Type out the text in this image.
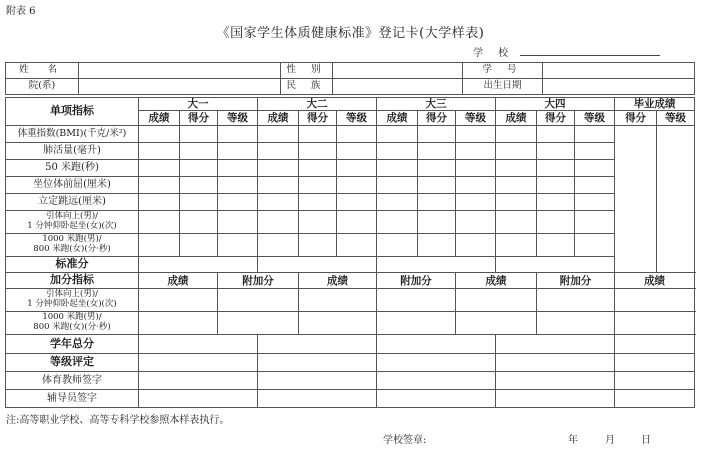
附表 6
《国家学生体质健康标准》登记卡(大学样表)
学 校
姓 名		性 别		学 号	
院(系)		民 族		出生日期	
单项指标	大一			大二			大三			大四			毕业成绩		
	成绩	得分	等级	成绩	得分	等级	成绩	得分	等级	成绩	得分	等级	得分	等级	
体重指数(BMI)(千克/米²)															
肺活量(毫升)															
50 米跑(秒)															
坐位体前屈(厘米)															
立定跳远(厘米)															

引体向上(男)/
1 分钟仰卧起坐(女)(次)															

1000 米跑(男)/
800 米跑(女)(分·秒)															

标准分															
加分指标	成绩		附加分		成绩		附加分		成绩		附加分		成绩	

引体向上(男)/
1 分钟仰卧起坐(女)(次)															

1000 米跑(男)/
800 米跑(女)(分·秒)															

学年总分															
等级评定															
体育教师签字															
辅导员签字															
注:高等职业学校、高等专科学校参照本样表执行。
学校签章:	年	月	日
